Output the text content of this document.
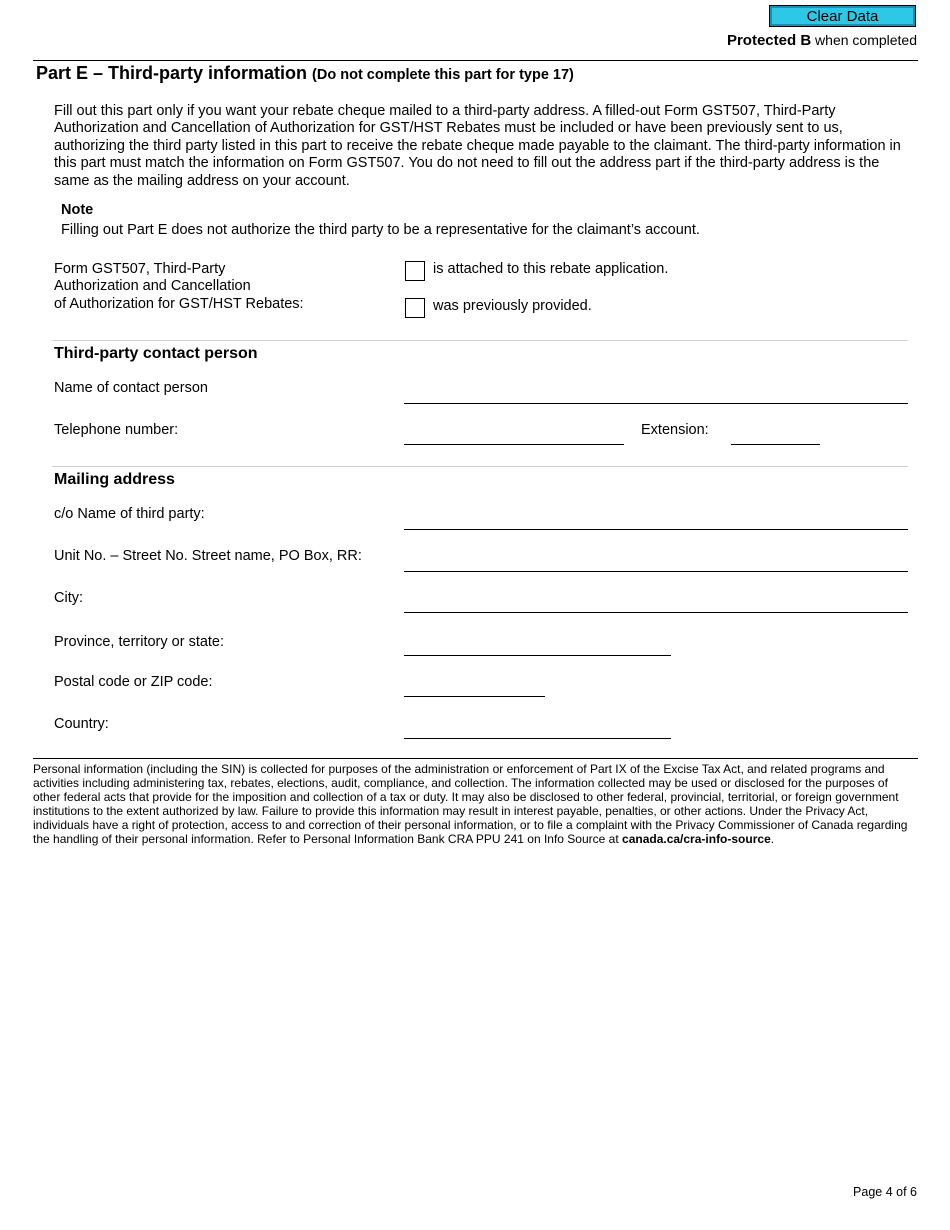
Clear Data
Protected B when completed
Part E – Third-party information (Do not complete this part for type 17)
Fill out this part only if you want your rebate cheque mailed to a third-party address. A filled-out Form GST507, Third-Party Authorization and Cancellation of Authorization for GST/HST Rebates must be included or have been previously sent to us, authorizing the third party listed in this part to receive the rebate cheque made payable to the claimant. The third-party information in this part must match the information on Form GST507. You do not need to fill out the address part if the third-party address is the same as the mailing address on your account.
Note
Filling out Part E does not authorize the third party to be a representative for the claimant’s account.
Form GST507, Third-Party
Authorization and Cancellation
of Authorization for GST/HST Rebates:
is attached to this rebate application.
was previously provided.
Third-party contact person
Name of contact person
Telephone number:	Extension:
Mailing address
c/o Name of third party:
Unit No. – Street No. Street name, PO Box, RR:
City:
Province, territory or state:
Postal code or ZIP code:
Country:
Personal information (including the SIN) is collected for purposes of the administration or enforcement of Part IX of the Excise Tax Act, and related programs and activities including administering tax, rebates, elections, audit, compliance, and collection. The information collected may be used or disclosed for the purposes of other federal acts that provide for the imposition and collection of a tax or duty. It may also be disclosed to other federal, provincial, territorial, or foreign government institutions to the extent authorized by law. Failure to provide this information may result in interest payable, penalties, or other actions. Under the Privacy Act, individuals have a right of protection, access to and correction of their personal information, or to file a complaint with the Privacy Commissioner of Canada regarding the handling of their personal information. Refer to Personal Information Bank CRA PPU 241 on Info Source at canada.ca/cra-info-source.
Page 4 of 6
